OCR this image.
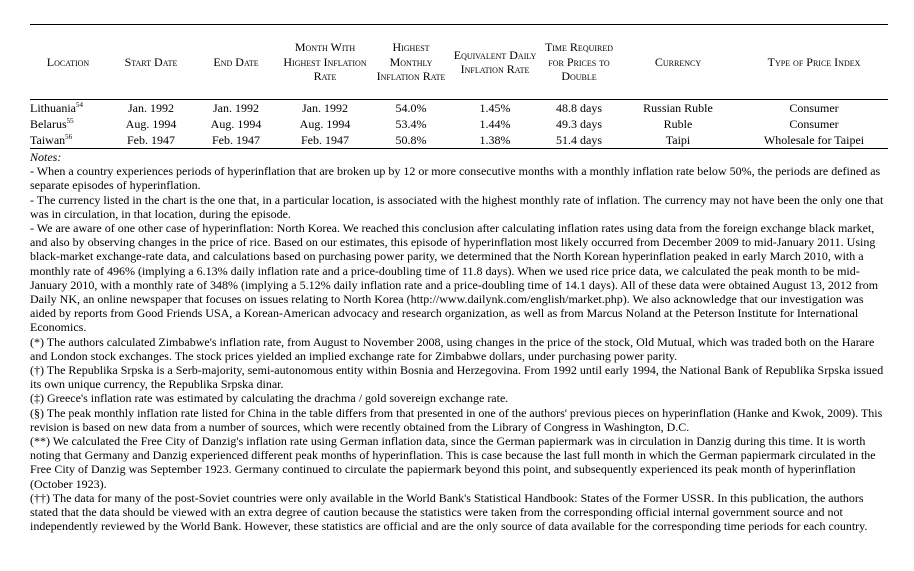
Location	Start Date	End Date	Month With Highest Inflation Rate	Highest Monthly Inflation Rate	Equivalent Daily Inflation Rate	Time Required for Prices to Double	Currency	Type of Price Index
Lithuania$^{54}$	Jan. 1992	Jan. 1992	Jan. 1992	54.0%	1.45%	48.8 days	Russian Ruble	Consumer
Belarus$^{55}$	Aug. 1994	Aug. 1994	Aug. 1994	53.4%	1.44%	49.3 days	Ruble	Consumer
Taiwan$^{56}$	Feb. 1947	Feb. 1947	Feb. 1947	50.8%	1.38%	51.4 days	Taipi	Wholesale for Taipei

Notes:

- When a country experiences periods of hyperinflation that are broken up by 12 or more consecutive months with a monthly inflation rate below 50%, the periods are defined as separate episodes of hyperinflation.

- The currency listed in the chart is the one that, in a particular location, is associated with the highest monthly rate of inflation. The currency may not have been the only one that was in circulation, in that location, during the episode.

- We are aware of one other case of hyperinflation: North Korea. We reached this conclusion after calculating inflation rates using data from the foreign exchange black market, and also by observing changes in the price of rice. Based on our estimates, this episode of hyperinflation most likely occurred from December 2009 to mid-January 2011. Using black-market exchange-rate data, and calculations based on purchasing power parity, we determined that the North Korean hyperinflation peaked in early March 2010, with a monthly rate of 496% (implying a 6.13% daily inflation rate and a price-doubling time of 11.8 days). When we used rice price data, we calculated the peak month to be mid-January 2010, with a monthly rate of 348% (implying a 5.12% daily inflation rate and a price-doubling time of 14.1 days). All of these data were obtained August 13, 2012 from Daily NK, an online newspaper that focuses on issues relating to North Korea (http://www.dailynk.com/english/market.php). We also acknowledge that our investigation was aided by reports from Good Friends USA, a Korean-American advocacy and research organization, as well as from Marcus Noland at the Peterson Institute for International Economics.

(*) The authors calculated Zimbabwe's inflation rate, from August to November 2008, using changes in the price of the stock, Old Mutual, which was traded both on the Harare and London stock exchanges. The stock prices yielded an implied exchange rate for Zimbabwe dollars, under purchasing power parity.

(†) The Republika Srpska is a Serb-majority, semi-autonomous entity within Bosnia and Herzegovina. From 1992 until early 1994, the National Bank of Republika Srpska issued its own unique currency, the Republika Srpska dinar.

(‡) Greece's inflation rate was estimated by calculating the drachma / gold sovereign exchange rate.

(§) The peak monthly inflation rate listed for China in the table differs from that presented in one of the authors' previous pieces on hyperinflation (Hanke and Kwok, 2009). This revision is based on new data from a number of sources, which were recently obtained from the Library of Congress in Washington, D.C.

(**) We calculated the Free City of Danzig's inflation rate using German inflation data, since the German papiermark was in circulation in Danzig during this time. It is worth noting that Germany and Danzig experienced different peak months of hyperinflation. This is case because the last full month in which the German papiermark circulated in the Free City of Danzig was September 1923. Germany continued to circulate the papiermark beyond this point, and subsequently experienced its peak month of hyperinflation (October 1923).

(††) The data for many of the post-Soviet countries were only available in the World Bank's Statistical Handbook: States of the Former USSR. In this publication, the authors stated that the data should be viewed with an extra degree of caution because the statistics were taken from the corresponding official internal government source and not independently reviewed by the World Bank. However, these statistics are official and are the only source of data available for the corresponding time periods for each country.
